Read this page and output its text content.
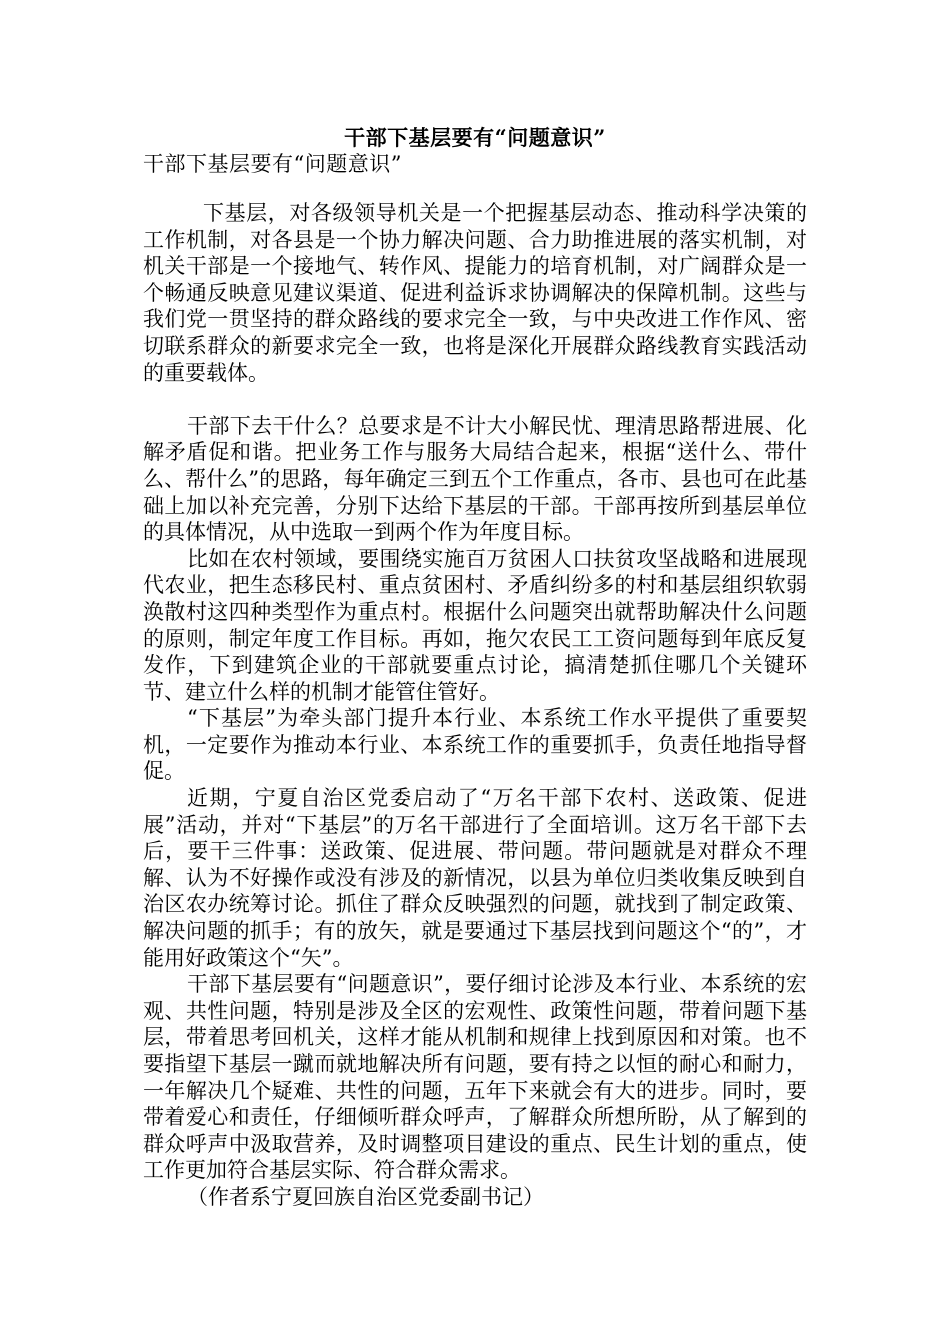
干部下基层要有“问题意识”
干部下基层要有“问题意识”

下基层，对各级领导机关是一个把握基层动态、推动科学决策的工作机制，对各县是一个协力解决问题、合力助推进展的落实机制，对机关干部是一个接地气、转作风、提能力的培育机制，对广阔群众是一个畅通反映意见建议渠道、促进利益诉求协调解决的保障机制。这些与我们党一贯坚持的群众路线的要求完全一致，与中央改进工作作风、密切联系群众的新要求完全一致，也将是深化开展群众路线教育实践活动的重要载体。

干部下去干什么？总要求是不计大小解民忧、理清思路帮进展、化解矛盾促和谐。把业务工作与服务大局结合起来，根据“送什么、带什么、帮什么”的思路，每年确定三到五个工作重点，各市、县也可在此基础上加以补充完善，分别下达给下基层的干部。干部再按所到基层单位的具体情况，从中选取一到两个作为年度目标。

比如在农村领域，要围绕实施百万贫困人口扶贫攻坚战略和进展现代农业，把生态移民村、重点贫困村、矛盾纠纷多的村和基层组织软弱涣散村这四种类型作为重点村。根据什么问题突出就帮助解决什么问题的原则，制定年度工作目标。再如，拖欠农民工工资问题每到年底反复发作，下到建筑企业的干部就要重点讨论，搞清楚抓住哪几个关键环节、建立什么样的机制才能管住管好。

“下基层”为牵头部门提升本行业、本系统工作水平提供了重要契机，一定要作为推动本行业、本系统工作的重要抓手，负责任地指导督促。

近期，宁夏自治区党委启动了“万名干部下农村、送政策、促进展”活动，并对“下基层”的万名干部进行了全面培训。这万名干部下去后，要干三件事：送政策、促进展、带问题。带问题就是对群众不理解、认为不好操作或没有涉及的新情况，以县为单位归类收集反映到自治区农办统筹讨论。抓住了群众反映强烈的问题，就找到了制定政策、解决问题的抓手；有的放矢，就是要通过下基层找到问题这个“的”，才能用好政策这个“矢”。

干部下基层要有“问题意识”，要仔细讨论涉及本行业、本系统的宏观、共性问题，特别是涉及全区的宏观性、政策性问题，带着问题下基层，带着思考回机关，这样才能从机制和规律上找到原因和对策。也不要指望下基层一蹴而就地解决所有问题，要有持之以恒的耐心和耐力，一年解决几个疑难、共性的问题，五年下来就会有大的进步。同时，要带着爱心和责任，仔细倾听群众呼声，了解群众所想所盼，从了解到的群众呼声中汲取营养，及时调整项目建设的重点、民生计划的重点，使工作更加符合基层实际、符合群众需求。

（作者系宁夏回族自治区党委副书记）
